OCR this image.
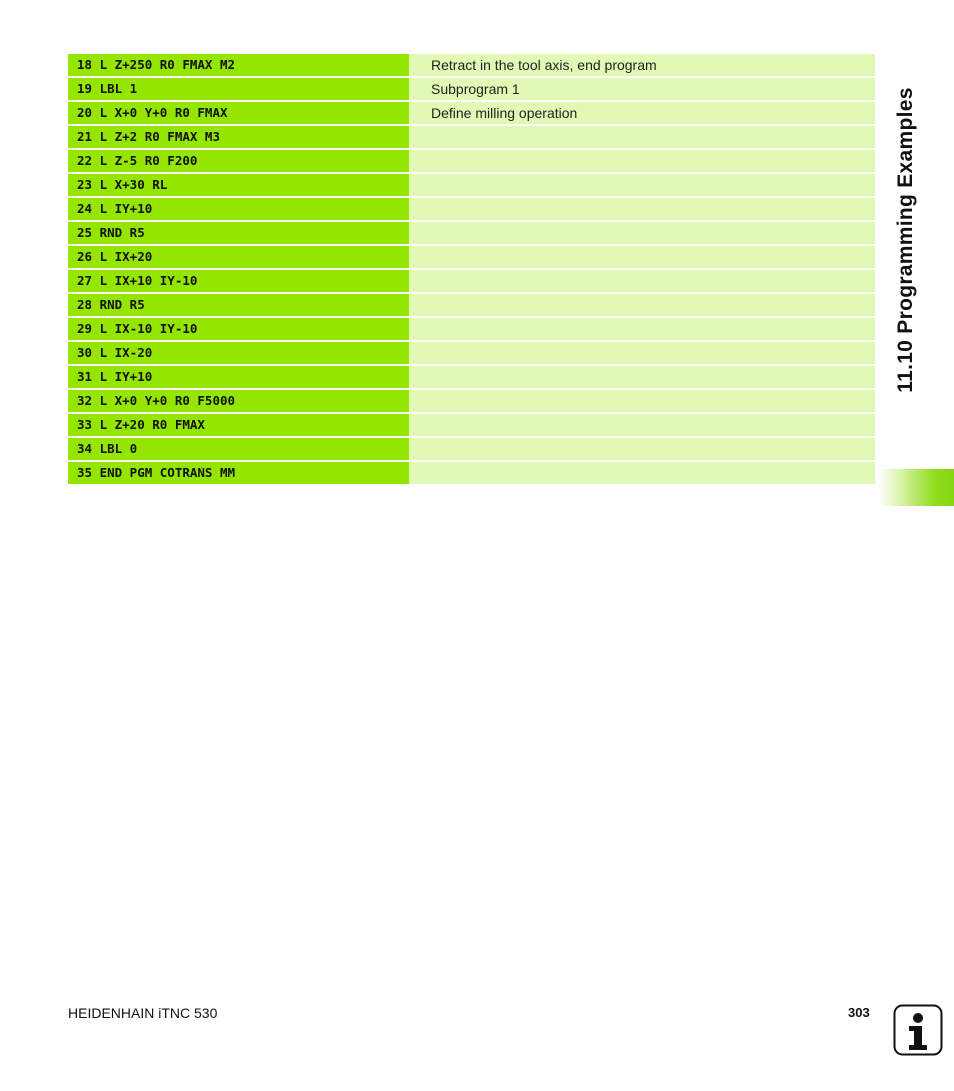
18 L Z+250 R0 FMAX M2	Retract in the tool axis, end program
19 LBL 1	Subprogram 1
20 L X+0 Y+0 R0 FMAX	Define milling operation
21 L Z+2 R0 FMAX M3
22 L Z-5 R0 F200
23 L X+30 RL
24 L IY+10
25 RND R5
26 L IX+20
27 L IX+10 IY-10
28 RND R5
29 L IX-10 IY-10
30 L IX-20
31 L IY+10
32 L X+0 Y+0 R0 F5000
33 L Z+20 R0 FMAX
34 LBL 0
35 END PGM COTRANS MM
11.10 Programming Examples
HEIDENHAIN iTNC 530	303
